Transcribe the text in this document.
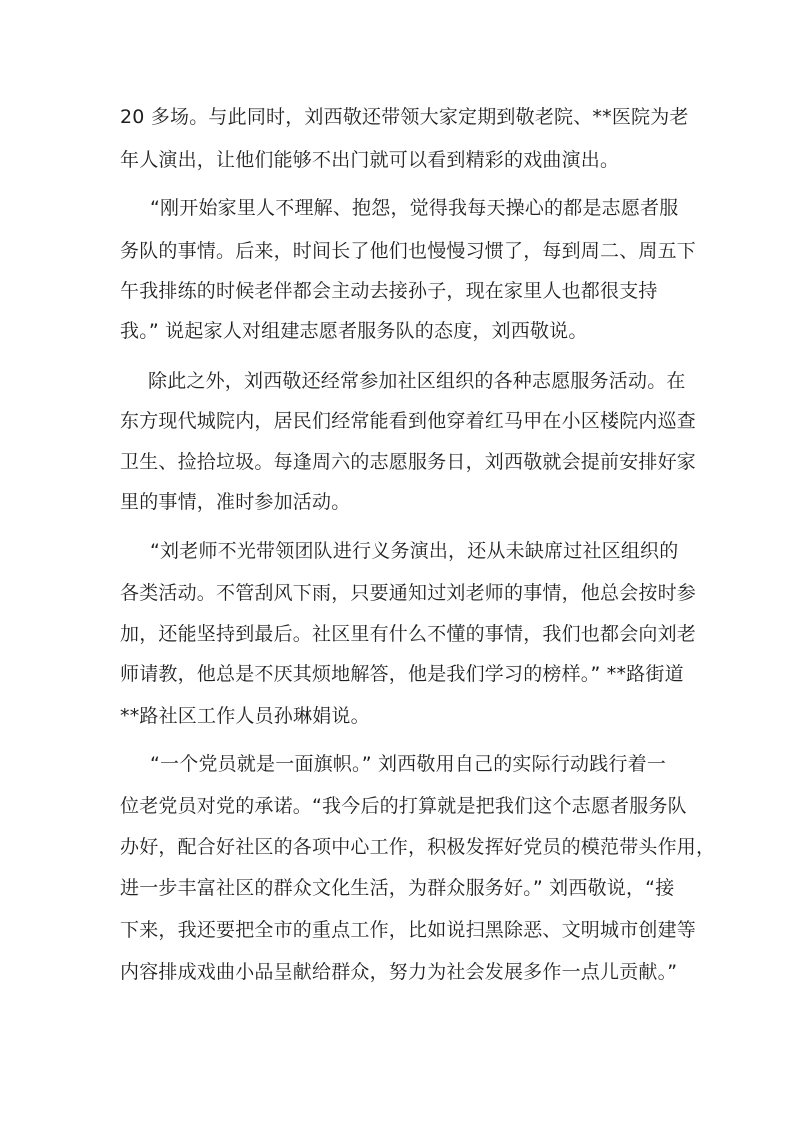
20 多场。与此同时，刘西敬还带领大家定期到敬老院、**医院为老
年人演出，让他们能够不出门就可以看到精彩的戏曲演出。
“刚开始家里人不理解、抱怨，觉得我每天操心的都是志愿者服
务队的事情。后来，时间长了他们也慢慢习惯了，每到周二、周五下
午我排练的时候老伴都会主动去接孙子，现在家里人也都很支持
我。” 说起家人对组建志愿者服务队的态度，刘西敬说。
除此之外，刘西敬还经常参加社区组织的各种志愿服务活动。在
东方现代城院内，居民们经常能看到他穿着红马甲在小区楼院内巡查
卫生、捡拾垃圾。每逢周六的志愿服务日，刘西敬就会提前安排好家
里的事情，准时参加活动。
“刘老师不光带领团队进行义务演出，还从未缺席过社区组织的
各类活动。不管刮风下雨，只要通知过刘老师的事情，他总会按时参
加，还能坚持到最后。社区里有什么不懂的事情，我们也都会向刘老
师请教，他总是不厌其烦地解答，他是我们学习的榜样。” **路街道
**路社区工作人员孙琳娟说。
“一个党员就是一面旗帜。” 刘西敬用自己的实际行动践行着一
位老党员对党的承诺。“我今后的打算就是把我们这个志愿者服务队
办好，配合好社区的各项中心工作，积极发挥好党员的模范带头作用，
进一步丰富社区的群众文化生活，为群众服务好。” 刘西敬说，“接
下来，我还要把全市的重点工作，比如说扫黑除恶、文明城市创建等
内容排成戏曲小品呈献给群众，努力为社会发展多作一点儿贡献。”
